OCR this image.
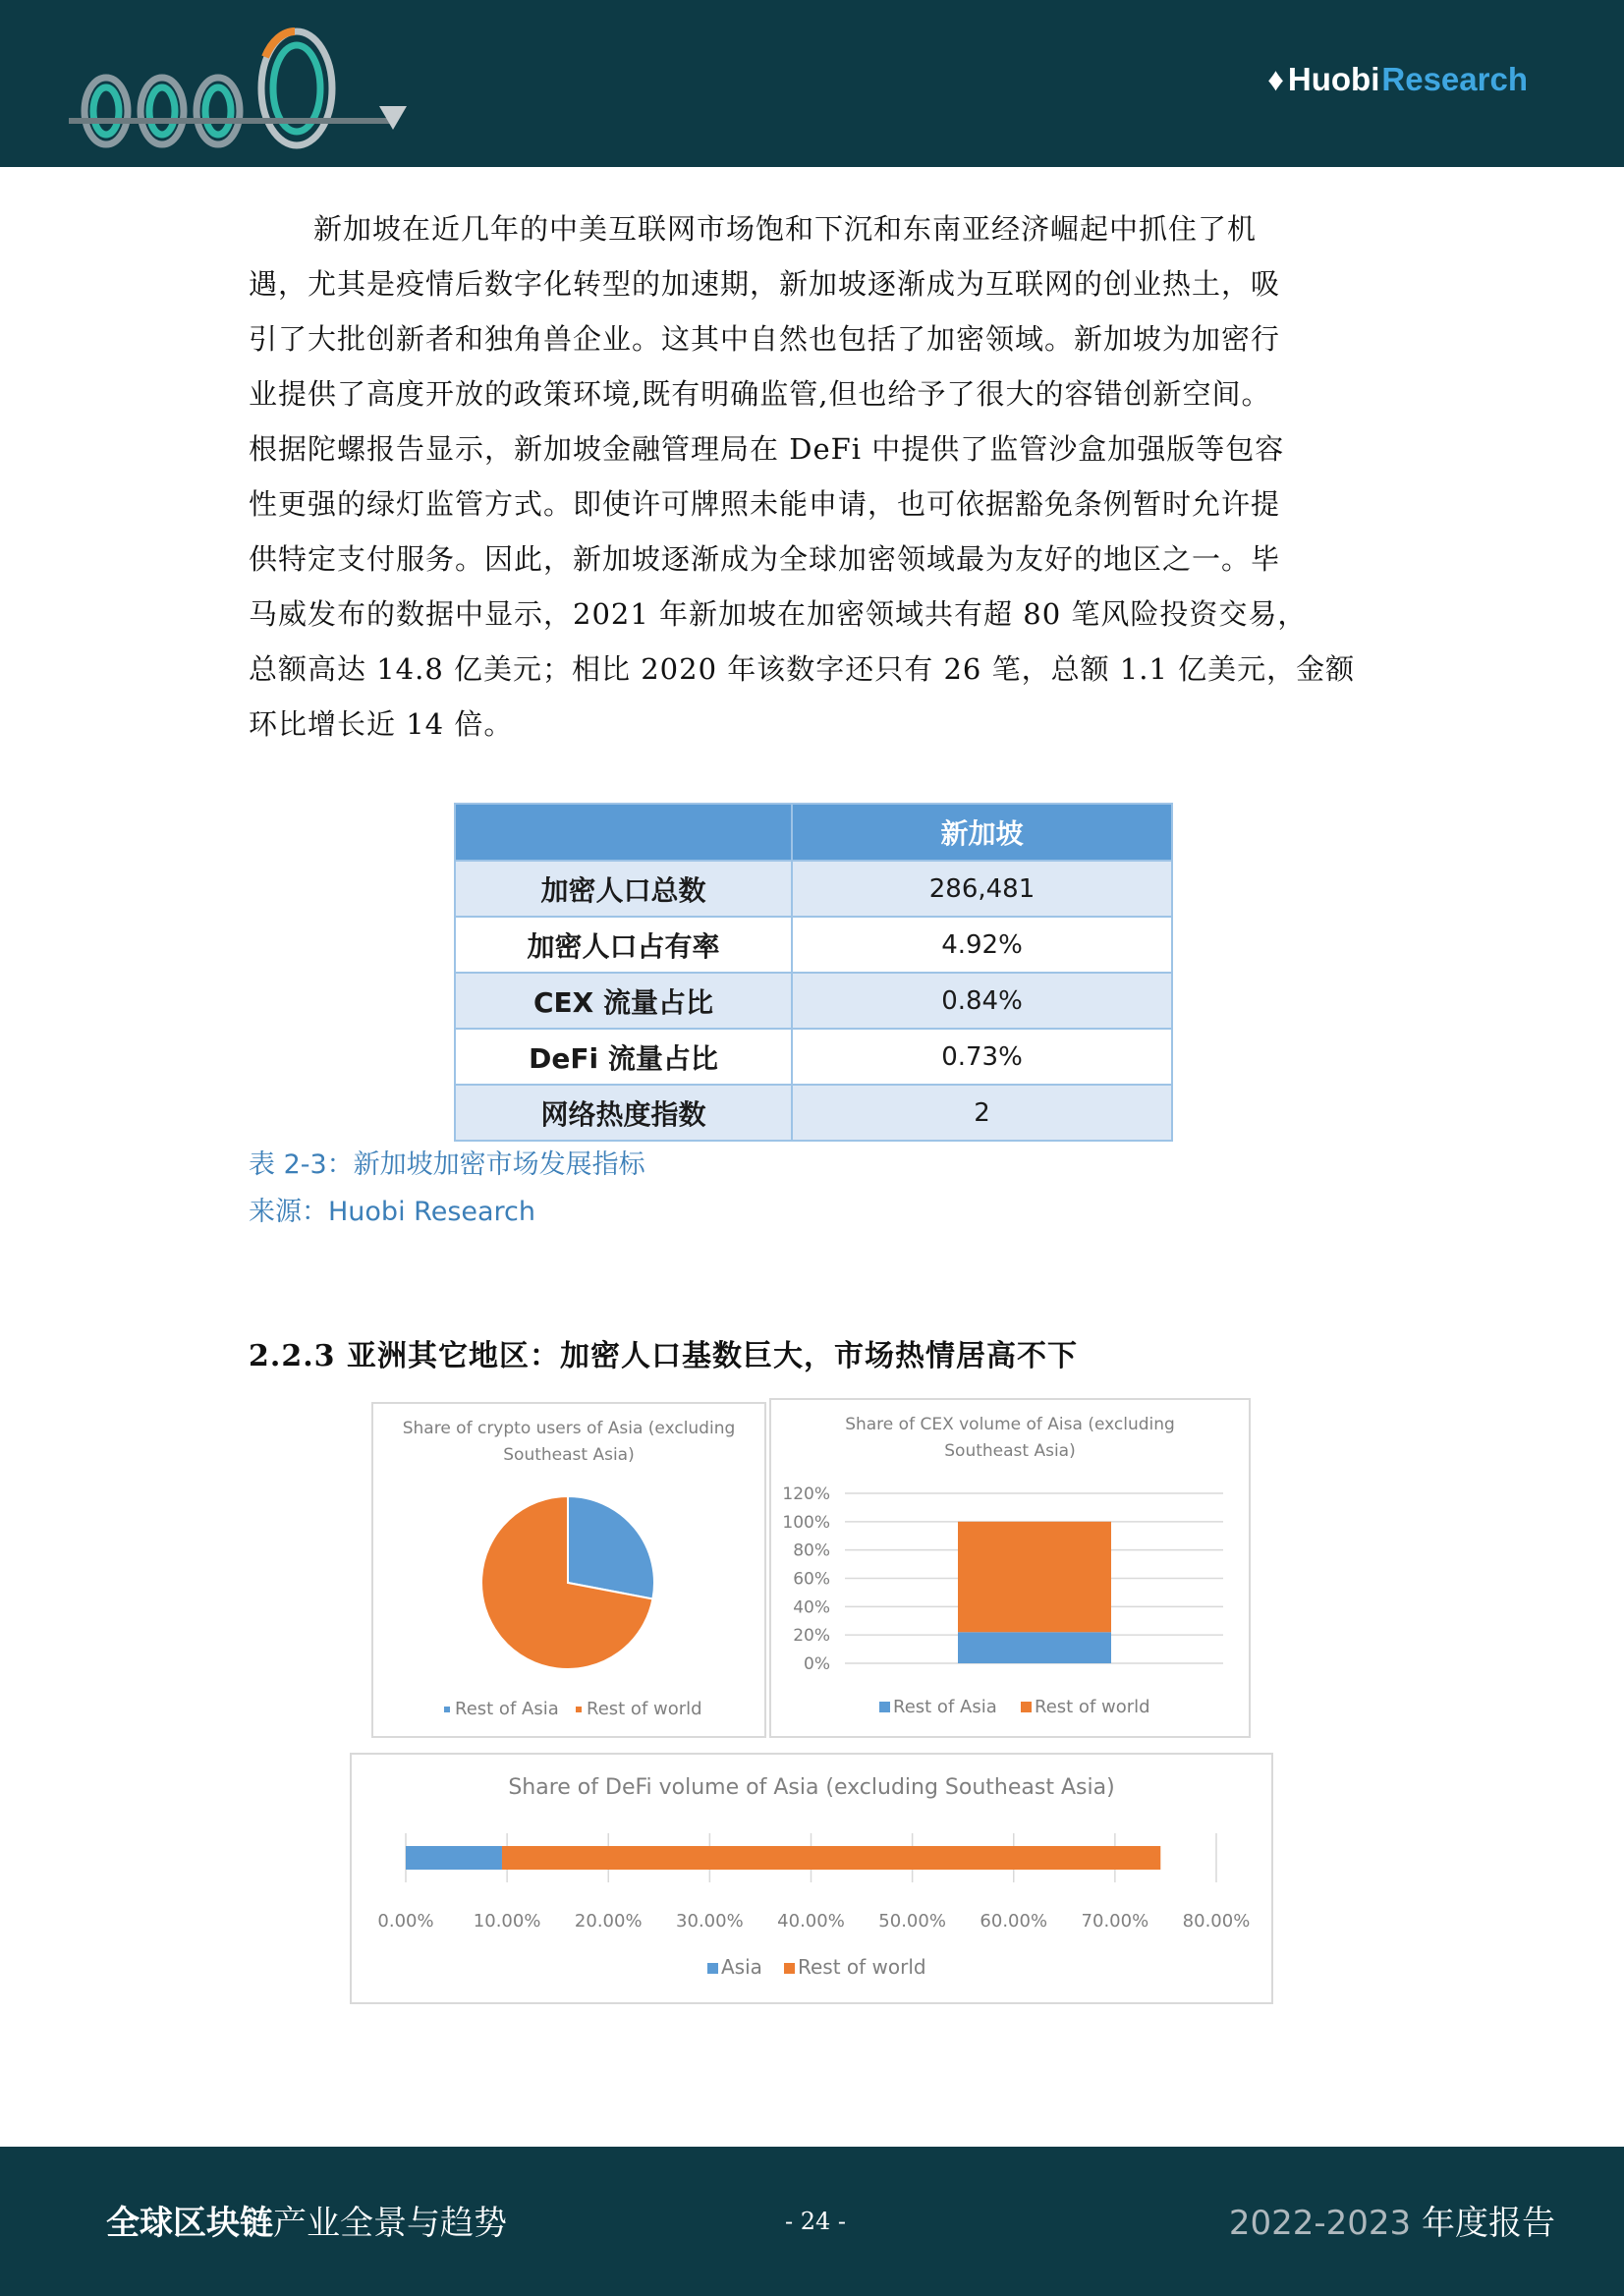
♦ HuobiResearch
新加坡在近几年的中美互联网市场饱和下沉和东南亚经济崛起中抓住了机
遇，尤其是疫情后数字化转型的加速期，新加坡逐渐成为互联网的创业热土，吸
引了大批创新者和独角兽企业。这其中自然也包括了加密领域。新加坡为加密行
业提供了高度开放的政策环境,既有明确监管,但也给予了很大的容错创新空间。
根据陀螺报告显示，新加坡金融管理局在 DeFi 中提供了监管沙盒加强版等包容
性更强的绿灯监管方式。即使许可牌照未能申请，也可依据豁免条例暂时允许提
供特定支付服务。因此，新加坡逐渐成为全球加密领域最为友好的地区之一。毕
马威发布的数据中显示，2021 年新加坡在加密领域共有超 80 笔风险投资交易，
总额高达 14.8 亿美元；相比 2020 年该数字还只有 26 笔，总额 1.1 亿美元，金额
环比增长近 14 倍。
	新加坡
加密人口总数	286,481
加密人口占有率	4.92%
CEX 流量占比	0.84%
DeFi 流量占比	0.73%
网络热度指数	2
表 2-3：新加坡加密市场发展指标
来源：Huobi Research
2.2.3 亚洲其它地区：加密人口基数巨大，市场热情居高不下
Share of crypto users of Asia (excluding
Southeast Asia)
Rest of Asia Rest of world
Share of CEX volume of Aisa (excluding
Southeast Asia)
0%
20%
40%
60%
80%
100%
120%
Rest of Asia Rest of world
Share of DeFi volume of Asia (excluding Southeast Asia)
0.00% 10.00% 20.00% 30.00% 40.00% 50.00% 60.00% 70.00% 80.00%
Asia Rest of world
全球区块链产业全景与趋势	- 24 -	2022-2023 年度报告
